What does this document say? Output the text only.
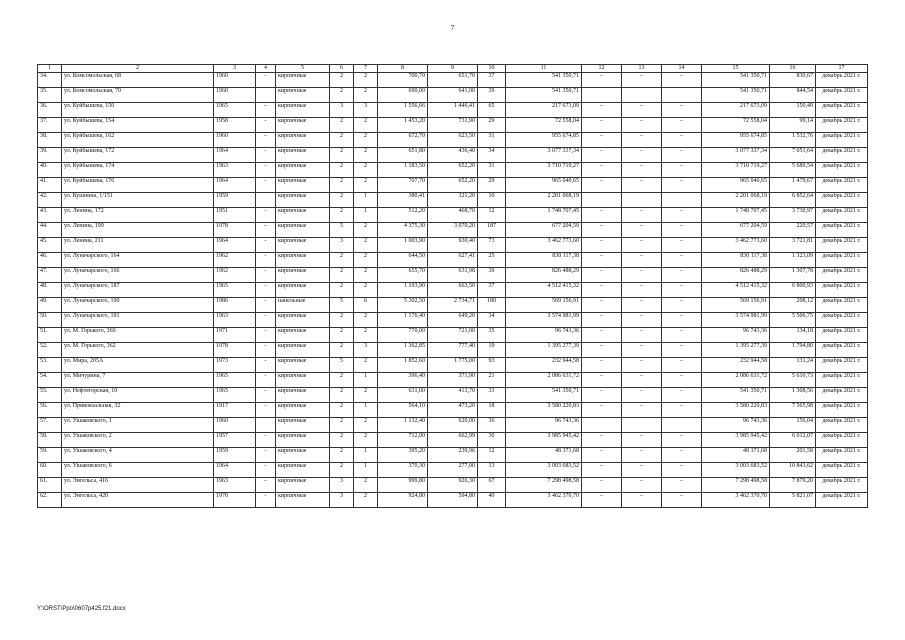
7
1	2	3	4	5	6	7	8	9	10	11	12	13	14	15	16	17
34.	ул. Комсомольская, 68	1960	-	кирпичные	2	2	700,70	651,70	37	541 350,71	–	–	–	541 350,71	830,67	декабрь 2021 г.
35.	ул. Комсомольская, 70	1960		кирпичные	2	2	690,00	641,00	39	541 350,71				541 350,71	844,54	декабрь 2021 г.
36.	ул. Куйбышева, 150	1965	–	кирпичные	3	3	1 556,66	1 446,41	65	217 673,09	–	–	–	217 673,09	150,49	декабрь 2021 г.
37.	ул. Куйбышева, 154	1958	-	кирпичные	2	2	1 453,20	731,90	29	72 558,04	–	–	–	72 558,04	99,14	декабрь 2021 г.
38.	ул. Куйбышева, 162	1960	–	кирпичные	2	2	672,70	623,50	31	955 674,85	–	–	–	955 674,85	1 532,76	декабрь 2021 г.
39.	ул. Куйбышева, 172	1964	-	кирпичные	2	2	651,80	436,40	34	3 077 337,34	–	–	–	3 077 337,34	7 051,64	декабрь 2021 г.
40.	ул. Куйбышева, 174	1963	-	кирпичные	2	2	1 183,50	652,20	31	3 710 719,27	–	–	–	3 710 719,27	5 689,54	декабрь 2021 г.
41.	ул. Куйбышева, 176	1964	-	кирпичные	2	2	707,70	652,20	29	965 040,65	–	–	–	965 040,65	1 479,67	декабрь 2021 г.
42.	ул. Кушнина, 1/151	1959		кирпичные	2	1	380,41	321,20	10	2 201 068,19				2 201 068,19	6 852,64	декабрь 2021 г.
43.	ул. Ленина, 172	1951	-	кирпичные	2	1	512,20	468,70	12	1 748 707,45	–	–	–	1 748 707,45	3 730,97	декабрь 2021 г.
44.	ул. Ленина, 199	1978	–	кирпичные	5	2	4 375,30	3 070,20	187	677 204,59	–	–	–	677 204,59	220,57	декабрь 2021 г.
45.	ул. Ленина, 211	1964	-	кирпичные	3	2	1 003,90	930,40	73	3 462 773,60	–	–	–	3 462 773,60	3 721,81	декабрь 2021 г.
46.	ул. Луначарского, 164	1962	-	кирпичные	2	2	644,50	627,41	25	830 117,38	–	–	–	830 117,38	1 323,09	декабрь 2021 г.
47.	ул. Луначарского, 166	1962	-	кирпичные	2	2	655,70	631,98	30	826 488,29	–	–	–	826 488,29	1 307,78	декабрь 2021 г.
48.	ул. Луначарского, 187	1965	-	кирпичные	2	2	1 193,90	663,50	37	4 512 415,32	–	–	–	4 512 415,32	6 800,93	декабрь 2021 г.
49.	ул. Луначарского, 190	1986	-	панельные	5	6	5 302,50	2 734,71	180	569 156,91	–	–	–	569 156,91	208,12	декабрь 2021 г.
50.	ул. Луначарского, 191	1963	-	кирпичные	2	2	1 176,40	649,20	34	3 574 981,99	–	–	–	3 574 981,99	5 506,75	декабрь 2021 г.
51.	ул. М. Горького, 360	1971	-	кирпичные	2	2	770,00	721,00	35	96 743,36	–	–	–	96 743,36	134,18	декабрь 2021 г.
52.	ул. М. Горького, 362	1978	-	кирпичные	2	3	1 362,85	777,40	19	1 395 277,39	–	–	–	1 395 277,39	1 794,80	декабрь 2021 г.
53.	ул. Мира, 205А	1973	-	кирпичные	5	2	1 852,60	1 775,00	93	232 944,58	–	–	–	232 944,58	131,24	декабрь 2021 г.
54.	ул. Мичурина, 7	1965	-	кирпичные	2	1	396,40	371,90	21	2 086 631,72	–	–	–	2 086 631,72	5 610,73	декабрь 2021 г.
55.	ул. Нефтегорская, 10	1965	–	кирпичные	2	2	631,00	413,70	33	541 350,71	–	–	–	541 350,71	1 308,56	декабрь 2021 г.
56.	ул. Привокзальная, 32	1917	-	кирпичные	2	1	564,10	473,20	18	3 580 220,83	–	–	–	3 580 220,83	7 565,98	декабрь 2021 г.
57.	ул. Ушаковского, 1	1960		кирпичные	2	2	1 132,40	620,00	36	96 743,36				96 743,36	156,04	декабрь 2021 г.
58.	ул. Ушаковского, 2	1957	-	кирпичные	2	2	712,00	662,99	30	3 985 945,42	–	–	–	3 985 945,42	6 012,07	декабрь 2021 г.
59.	ул. Ушаковского, 4	1959	-	кирпичные	2	1	395,20	239,96	12	48 371,68	–	–	–	48 371,68	201,58	декабрь 2021 г.
60.	ул. Ушаковского, 6	1964	-	кирпичные	2	1	370,30	277,00	13	3 003 683,52	–	–	–	3 003 683,52	10 843,62	декабрь 2021 г.
61.	ул. Энгельса, 416	1963	–	кирпичные	3	2	999,80	926,30	67	7 298 498,58	–	–	–	7 298 498,58	7 879,20	декабрь 2021 г.
62.	ул. Энгельса, 420	1970	-	кирпичные	3	2	924,80	594,80	40	3 462 370,70	–	–	–	3 462 370,70	5 821,07	декабрь 2021 г.
Y:\ORST\Ppo\0607p425.f21.docx
